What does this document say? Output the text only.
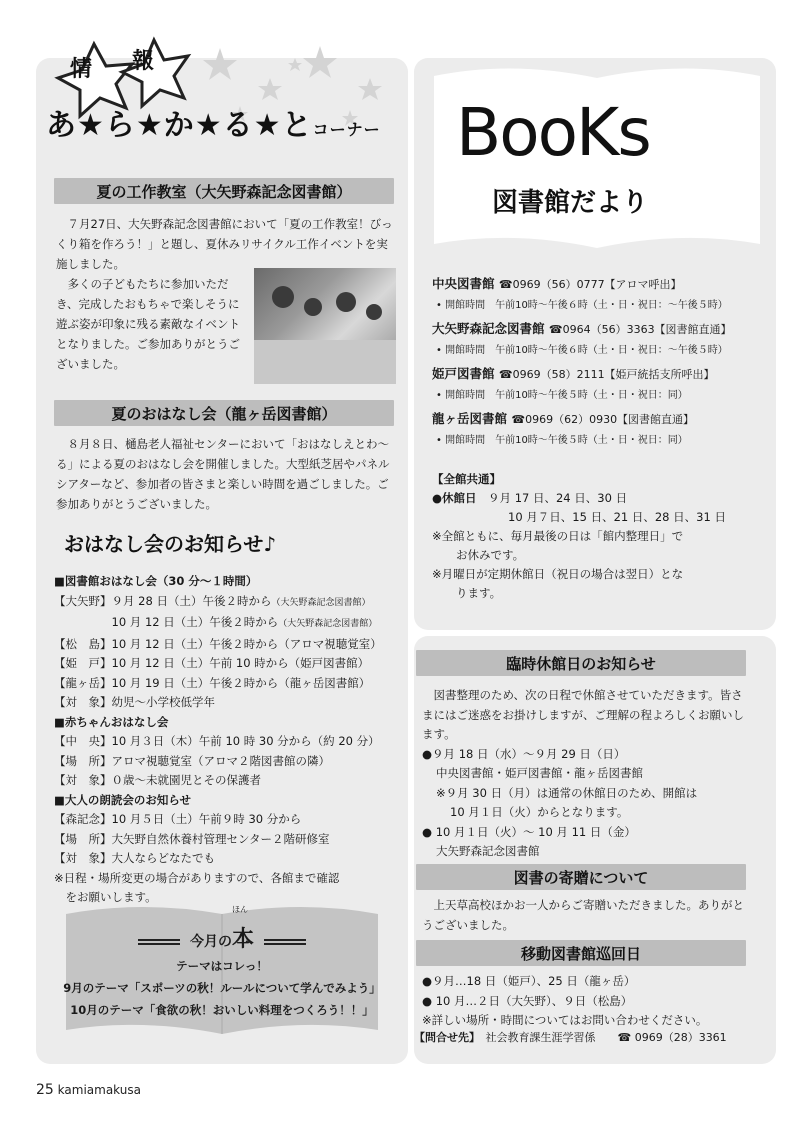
情 報
あ★ら★か★る★とコーナー
夏の工作教室（大矢野森記念図書館）

７月27日、大矢野森記念図書館において「夏の工作教室！びっくり箱を作ろう！」と題し、夏休みリサイクル工作イベントを実施しました。

多くの子どもたちに参加いただき、完成したおもちゃで楽しそうに遊ぶ姿が印象に残る素敵なイベントとなりました。ご参加ありがとうございました。

夏のおはなし会（龍ヶ岳図書館）

８月８日、樋島老人福祉センターにおいて「おはなしえとわ～る」による夏のおはなし会を開催しました。大型紙芝居やパネルシアターなど、参加者の皆さまと楽しい時間を過ごしました。ご参加ありがとうございました。

おはなし会のお知らせ♪
■図書館おはなし会（30 分～１時間）
【大矢野】９月 28 日（土）午後２時から（大矢野森記念図書館）
　　　　　10 月 12 日（土）午後２時から（大矢野森記念図書館）
【松　島】10 月 12 日（土）午後２時から（アロマ視聴覚室）
【姫　戸】10 月 12 日（土）午前 10 時から（姫戸図書館）
【龍ヶ岳】10 月 19 日（土）午後２時から（龍ヶ岳図書館）
【対　象】幼児～小学校低学年
■赤ちゃんおはなし会
【中　央】10 月３日（木）午前 10 時 30 分から（約 20 分）
【場　所】アロマ視聴覚室（アロマ２階図書館の隣）
【対　象】０歳～未就園児とその保護者
■大人の朗読会のお知らせ
【森記念】10 月５日（土）午前９時 30 分から
【場　所】大矢野自然休養村管理センター２階研修室
【対　象】大人ならどなたでも
※日程・場所変更の場合がありますので、各館まで確認
　をお願いします。
ほん
今月の本
テーマはコレっ！
9月のテーマ「スポーツの秋！ルールについて学んでみよう」
10月のテーマ「食欲の秋！おいしい料理をつくろう！！」
BooKs
図書館だより
中央図書館 ☎0969（56）0777【アロマ呼出】
• 開館時間　午前10時～午後６時（土・日・祝日：～午後５時）
大矢野森記念図書館 ☎0964（56）3363【図書館直通】
• 開館時間　午前10時～午後６時（土・日・祝日：～午後５時）
姫戸図書館 ☎0969（58）2111【姫戸統括支所呼出】
• 開館時間　午前10時～午後５時（土・日・祝日：同）
龍ヶ岳図書館 ☎0969（62）0930【図書館直通】
• 開館時間　午前10時～午後５時（土・日・祝日：同）
【全館共通】
●休館日　 ９月 17 日、24 日、30 日
10 月７日、15 日、21 日、28 日、31 日
※全館ともに、毎月最後の日は「館内整理日」で
お休みです。
※月曜日が定期休館日（祝日の場合は翌日）とな
ります。
臨時休館日のお知らせ

図書整理のため、次の日程で休館させていただきます。皆さまにはご迷惑をお掛けしますが、ご理解の程よろしくお願いします。

●９月 18 日（水）～９月 29 日（日）
中央図書館・姫戸図書館・龍ヶ岳図書館
※９月 30 日（月）は通常の休館日のため、開館は
10 月１日（火）からとなります。
● 10 月１日（火）～ 10 月 11 日（金）
大矢野森記念図書館
図書の寄贈について

上天草高校ほかお一人からご寄贈いただきました。ありがとうございました。

移動図書館巡回日
●９月…18 日（姫戸）、25 日（龍ヶ岳）
● 10 月…２日（大矢野）、９日（松島）
※詳しい場所・時間についてはお問い合わせください。
【問合せ先】　 社会教育課生涯学習係　　 ☎ 0969（28）3361
25 kamiamakusa
